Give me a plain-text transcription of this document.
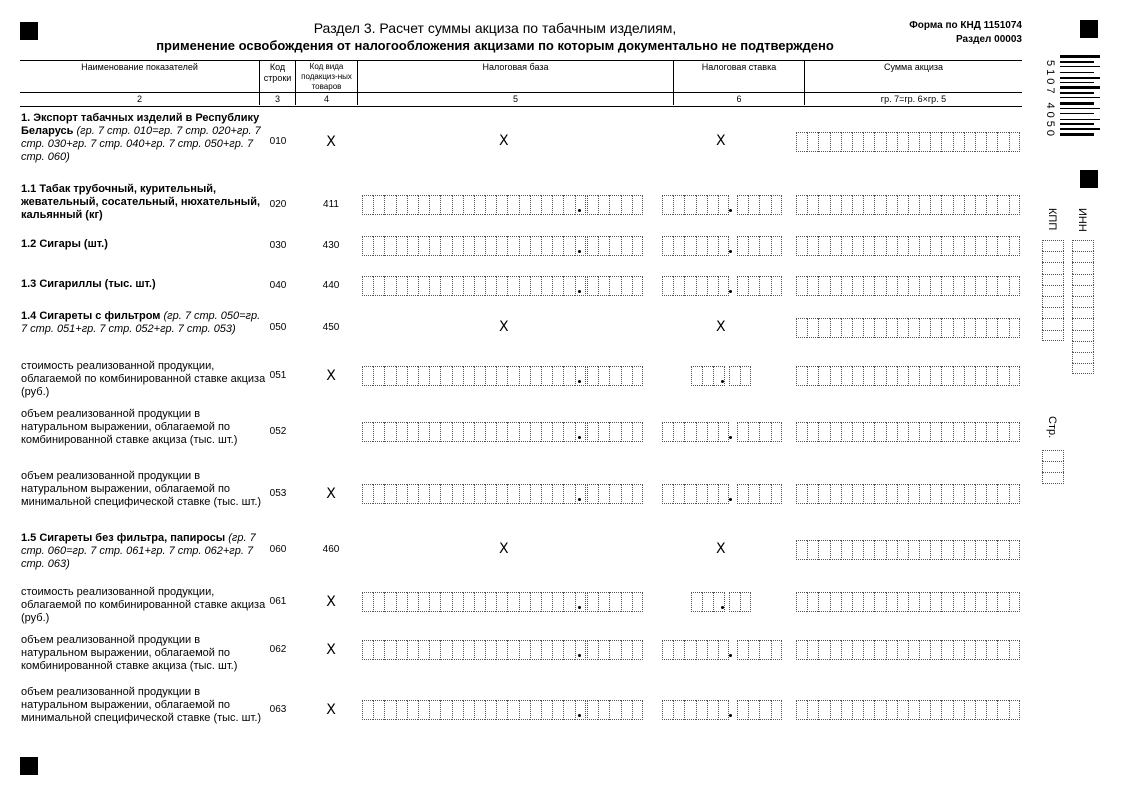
Раздел 3. Расчет суммы акциза по табачным изделиям,
применение освобождения от налогообложения акцизами по которым документально не подтверждено
Форма по КНД 1151074
Раздел 00003
Наименование показателей	Код строки
Код вида подакциз-ных товаров
Налоговая база	Налоговая ставка	Сумма акциза
2	3	4	5	6	гр. 7=гр. 6×гр. 5
1. Экспорт табачных изделий в Республику Беларусь (гр. 7 стр. 010=гр. 7 стр. 020+гр. 7 стр. 030+гр. 7 стр. 040+гр. 7 стр. 050+гр. 7 стр. 060)
010	X	X	X
1.1 Табак трубочный, курительный, жевательный, сосательный, нюхательный, кальянный (кг)
020	411
1.2 Сигары (шт.)	030	430
1.3 Сигариллы (тыс. шт.)	040	440
1.4 Сигареты с фильтром (гр. 7 стр. 050=гр. 7 стр. 051+гр. 7 стр. 052+гр. 7 стр. 053)	050	450	X	X
стоимость реализованной продукции, облагаемой по комбинированной ставке акциза (руб.)
051	X
объем реализованной продукции в натуральном выражении, облагаемой по комбинированной ставке акциза (тыс. шт.)
052
объем реализованной продукции в натуральном выражении, облагаемой по минимальной специфической ставке (тыс. шт.)
053	X
1.5 Сигареты без фильтра, папиросы (гр. 7 стр. 060=гр. 7 стр. 061+гр. 7 стр. 062+гр. 7 стр. 063)
060	460	X	X
стоимость реализованной продукции, облагаемой по комбинированной ставке акциза (руб.)
061	X
объем реализованной продукции в натуральном выражении, облагаемой по комбинированной ставке акциза (тыс. шт.)
062	X
объем реализованной продукции в натуральном выражении, облагаемой по минимальной специфической ставке (тыс. шт.)
063	X
5107 4050
ИНН
КПП
Стр.
